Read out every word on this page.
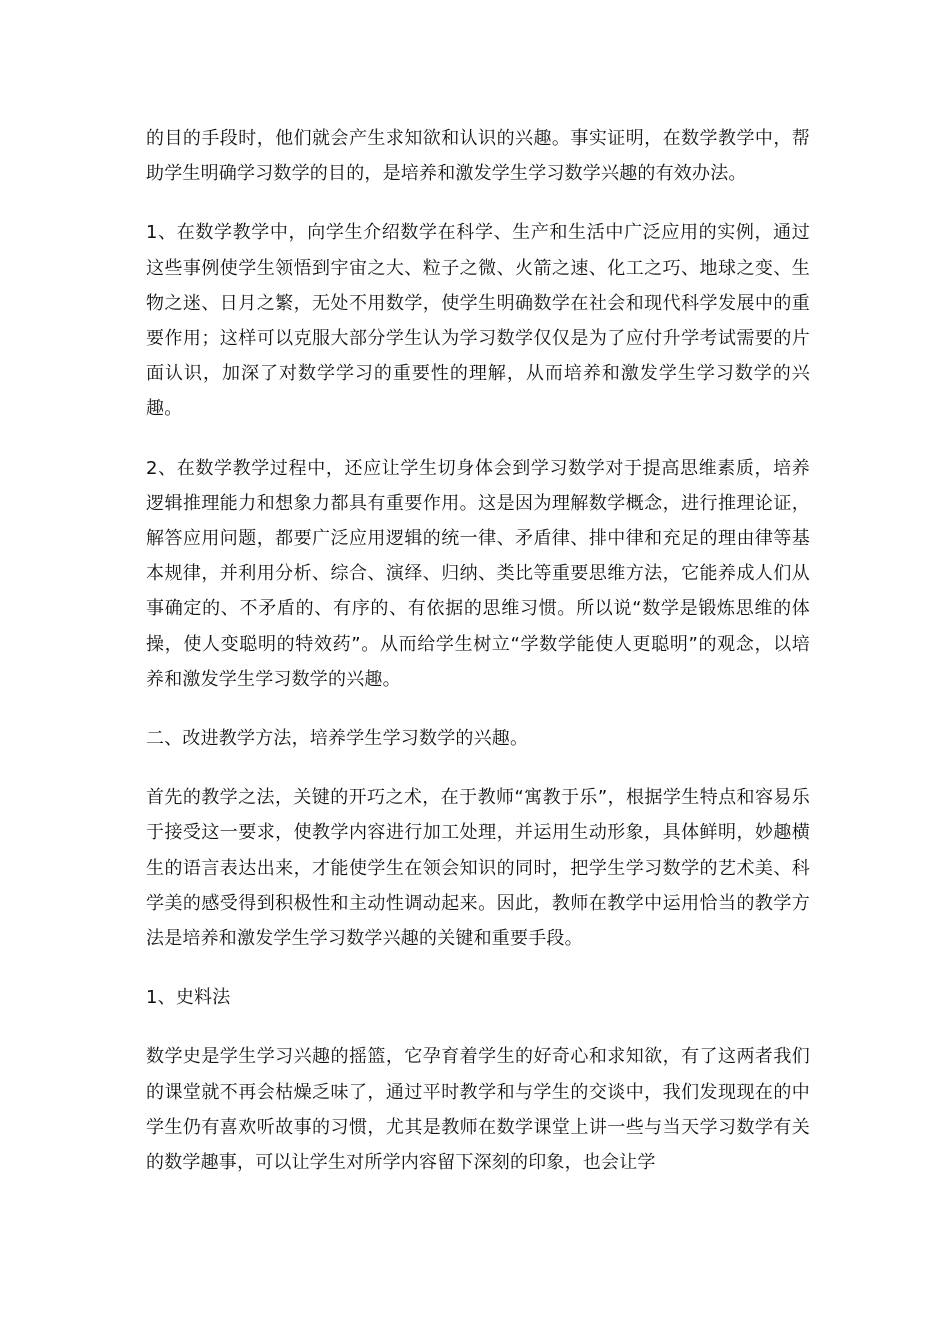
的目的手段时，他们就会产生求知欲和认识的兴趣。事实证明，在数学教学中，帮助学生明确学习数学的目的，是培养和激发学生学习数学兴趣的有效办法。

1、在数学教学中，向学生介绍数学在科学、生产和生活中广泛应用的实例，通过这些事例使学生领悟到宇宙之大、粒子之微、火箭之速、化工之巧、地球之变、生物之迷、日月之繁，无处不用数学，使学生明确数学在社会和现代科学发展中的重要作用；这样可以克服大部分学生认为学习数学仅仅是为了应付升学考试需要的片面认识，加深了对数学学习的重要性的理解，从而培养和激发学生学习数学的兴趣。

2、在数学教学过程中，还应让学生切身体会到学习数学对于提高思维素质，培养逻辑推理能力和想象力都具有重要作用。这是因为理解数学概念，进行推理论证，解答应用问题，都要广泛应用逻辑的统一律、矛盾律、排中律和充足的理由律等基本规律，并利用分析、综合、演绎、归纳、类比等重要思维方法，它能养成人们从事确定的、不矛盾的、有序的、有依据的思维习惯。所以说“数学是锻炼思维的体操，使人变聪明的特效药”。从而给学生树立“学数学能使人更聪明”的观念，以培养和激发学生学习数学的兴趣。

二、改进教学方法，培养学生学习数学的兴趣。

首先的教学之法，关键的开巧之术，在于教师“寓教于乐”，根据学生特点和容易乐于接受这一要求，使教学内容进行加工处理，并运用生动形象，具体鲜明，妙趣横生的语言表达出来，才能使学生在领会知识的同时，把学生学习数学的艺术美、科学美的感受得到积极性和主动性调动起来。因此，教师在教学中运用恰当的教学方法是培养和激发学生学习数学兴趣的关键和重要手段。

1、史料法

数学史是学生学习兴趣的摇篮，它孕育着学生的好奇心和求知欲，有了这两者我们的课堂就不再会枯燥乏味了，通过平时教学和与学生的交谈中，我们发现现在的中学生仍有喜欢听故事的习惯，尤其是教师在数学课堂上讲一些与当天学习数学有关的数学趣事，可以让学生对所学内容留下深刻的印象，也会让学
